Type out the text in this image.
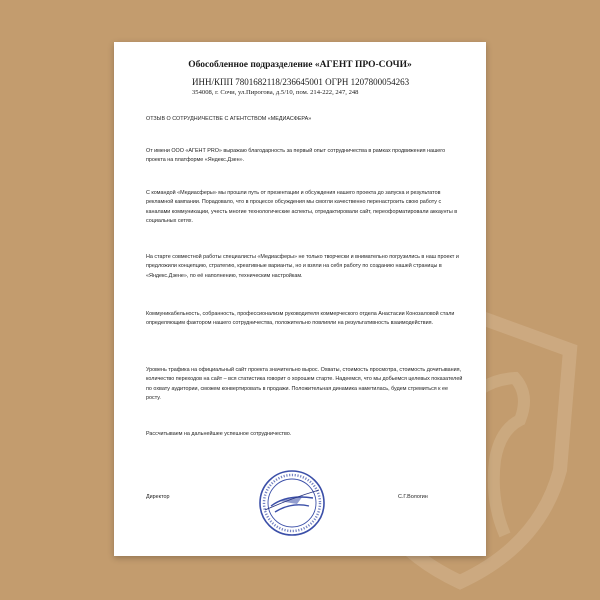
Обособленное подразделение «АГЕНТ ПРО-СОЧИ»
ИНН/КПП 7801682118/236645001 ОГРН 1207800054263
354008, г. Сочи, ул.Пирогова, д.5/10, пом. 214-222, 247, 248
ОТЗЫВ О СОТРУДНИЧЕСТВЕ С АГЕНТСТВОМ «МЕДИАСФЕРА»
От имени ООО «АГЕНТ PRO» выражаю благодарность за первый опыт сотрудничества в рамках продвижения нашего проекта на платформе «Яндекс.Дзен».
С командой «Медиасферы» мы прошли путь от презентации и обсуждения нашего проекта до запуска и результатов рекламной кампании. Порадовало, что в процессе обсуждения мы смогли качественно перенастроить свою работу с каналами коммуникации, учесть многие технологические аспекты, отредактировали сайт, переоформатировали аккаунты в социальных сетях.
На старте совместной работы специалисты «Медиасферы» не только творчески и внимательно погрузились в наш проект и предложили концепцию, стратегию, креативные варианты, но и взяли на себя работу по созданию нашей страницы в «Яндекс.Дзене», по её наполнению, техническим настройкам.
Коммуникабельность, собранность, профессионализм руководителя коммерческого отдела Анастасии Конозаловой стали определяющим фактором нашего сотрудничества, положительно повлияли на результативность взаимодействия.
Уровень трафика на официальный сайт проекта значительно вырос. Охваты, стоимость просмотра, стоимость дочитывания, количество переходов на сайт – вся статистика говорит о хорошем старте. Надеемся, что мы добьемся целевых показателей по охвату аудитории, сможем конвертировать в продажи. Положительная динамика наметилась, будем стремиться к ее росту.
Рассчитываем на дальнейшее успешное сотрудничество.
Директор	С.Г.Вологин
